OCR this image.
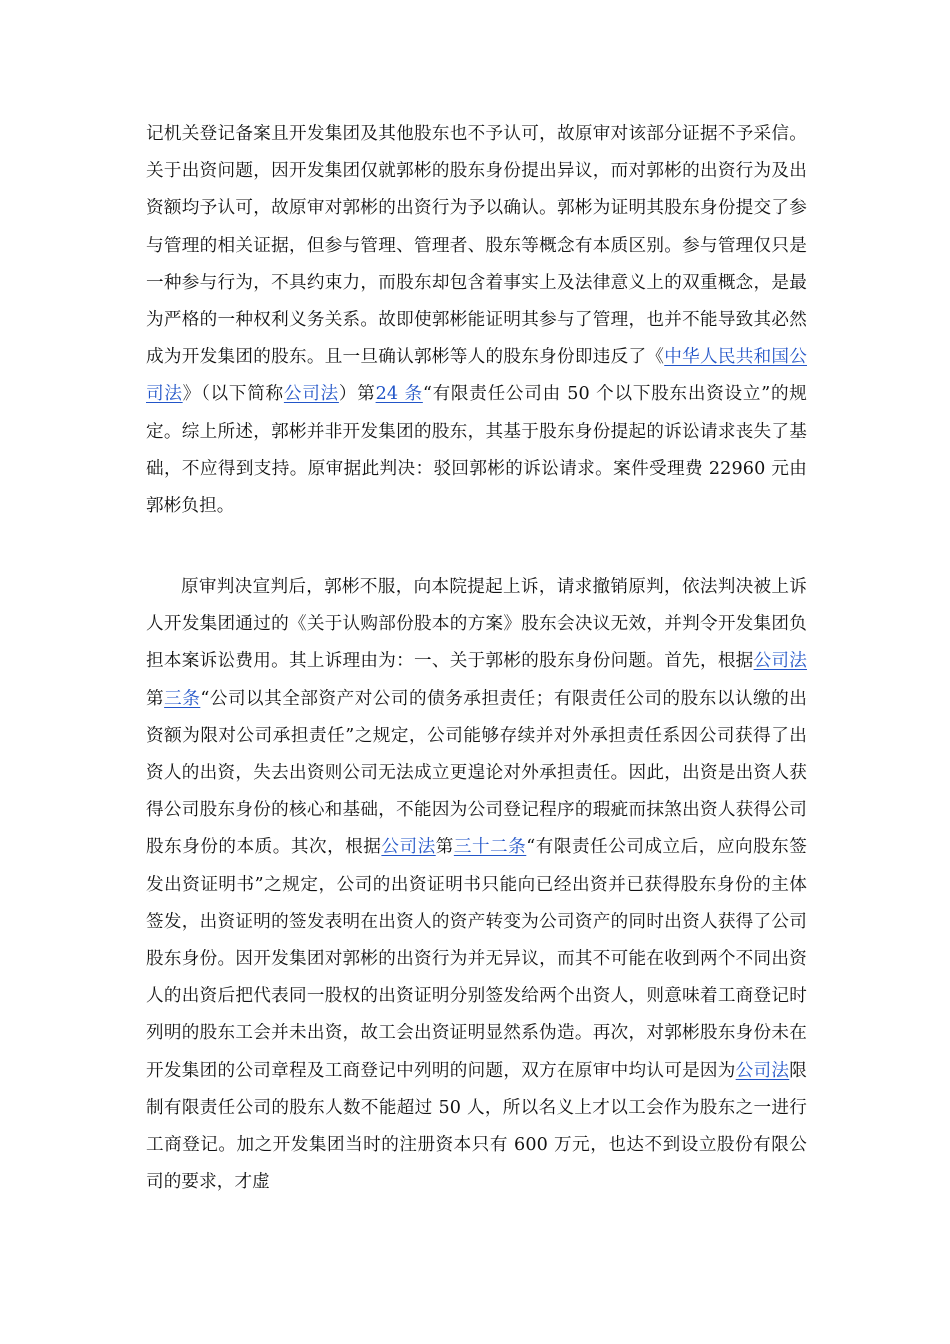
记机关登记备案且开发集团及其他股东也不予认可，故原审对该部分证据不予采信。关于出资问题，因开发集团仅就郭彬的股东身份提出异议，而对郭彬的出资行为及出资额均予认可，故原审对郭彬的出资行为予以确认。郭彬为证明其股东身份提交了参与管理的相关证据，但参与管理、管理者、股东等概念有本质区别。参与管理仅只是一种参与行为，不具约束力，而股东却包含着事实上及法律意义上的双重概念，是最为严格的一种权利义务关系。故即使郭彬能证明其参与了管理，也并不能导致其必然成为开发集团的股东。且一旦确认郭彬等人的股东身份即违反了《中华人民共和国公司法》（以下简称公司法）第24 条“有限责任公司由 50 个以下股东出资设立”的规定。综上所述，郭彬并非开发集团的股东，其基于股东身份提起的诉讼请求丧失了基础，不应得到支持。原审据此判决：驳回郭彬的诉讼请求。案件受理费 22960 元由郭彬负担。

原审判决宣判后，郭彬不服，向本院提起上诉，请求撤销原判，依法判决被上诉人开发集团通过的《关于认购部份股本的方案》股东会决议无效，并判令开发集团负担本案诉讼费用。其上诉理由为：一、关于郭彬的股东身份问题。首先，根据公司法第三条“公司以其全部资产对公司的债务承担责任；有限责任公司的股东以认缴的出资额为限对公司承担责任”之规定，公司能够存续并对外承担责任系因公司获得了出资人的出资，失去出资则公司无法成立更遑论对外承担责任。因此，出资是出资人获得公司股东身份的核心和基础，不能因为公司登记程序的瑕疵而抹煞出资人获得公司股东身份的本质。其次，根据公司法第三十二条“有限责任公司成立后，应向股东签发出资证明书”之规定，公司的出资证明书只能向已经出资并已获得股东身份的主体签发，出资证明的签发表明在出资人的资产转变为公司资产的同时出资人获得了公司股东身份。因开发集团对郭彬的出资行为并无异议，而其不可能在收到两个不同出资人的出资后把代表同一股权的出资证明分别签发给两个出资人，则意味着工商登记时列明的股东工会并未出资，故工会出资证明显然系伪造。再次，对郭彬股东身份未在开发集团的公司章程及工商登记中列明的问题，双方在原审中均认可是因为公司法限制有限责任公司的股东人数不能超过 50 人，所以名义上才以工会作为股东之一进行工商登记。加之开发集团当时的注册资本只有 600 万元，也达不到设立股份有限公司的要求，才虚
